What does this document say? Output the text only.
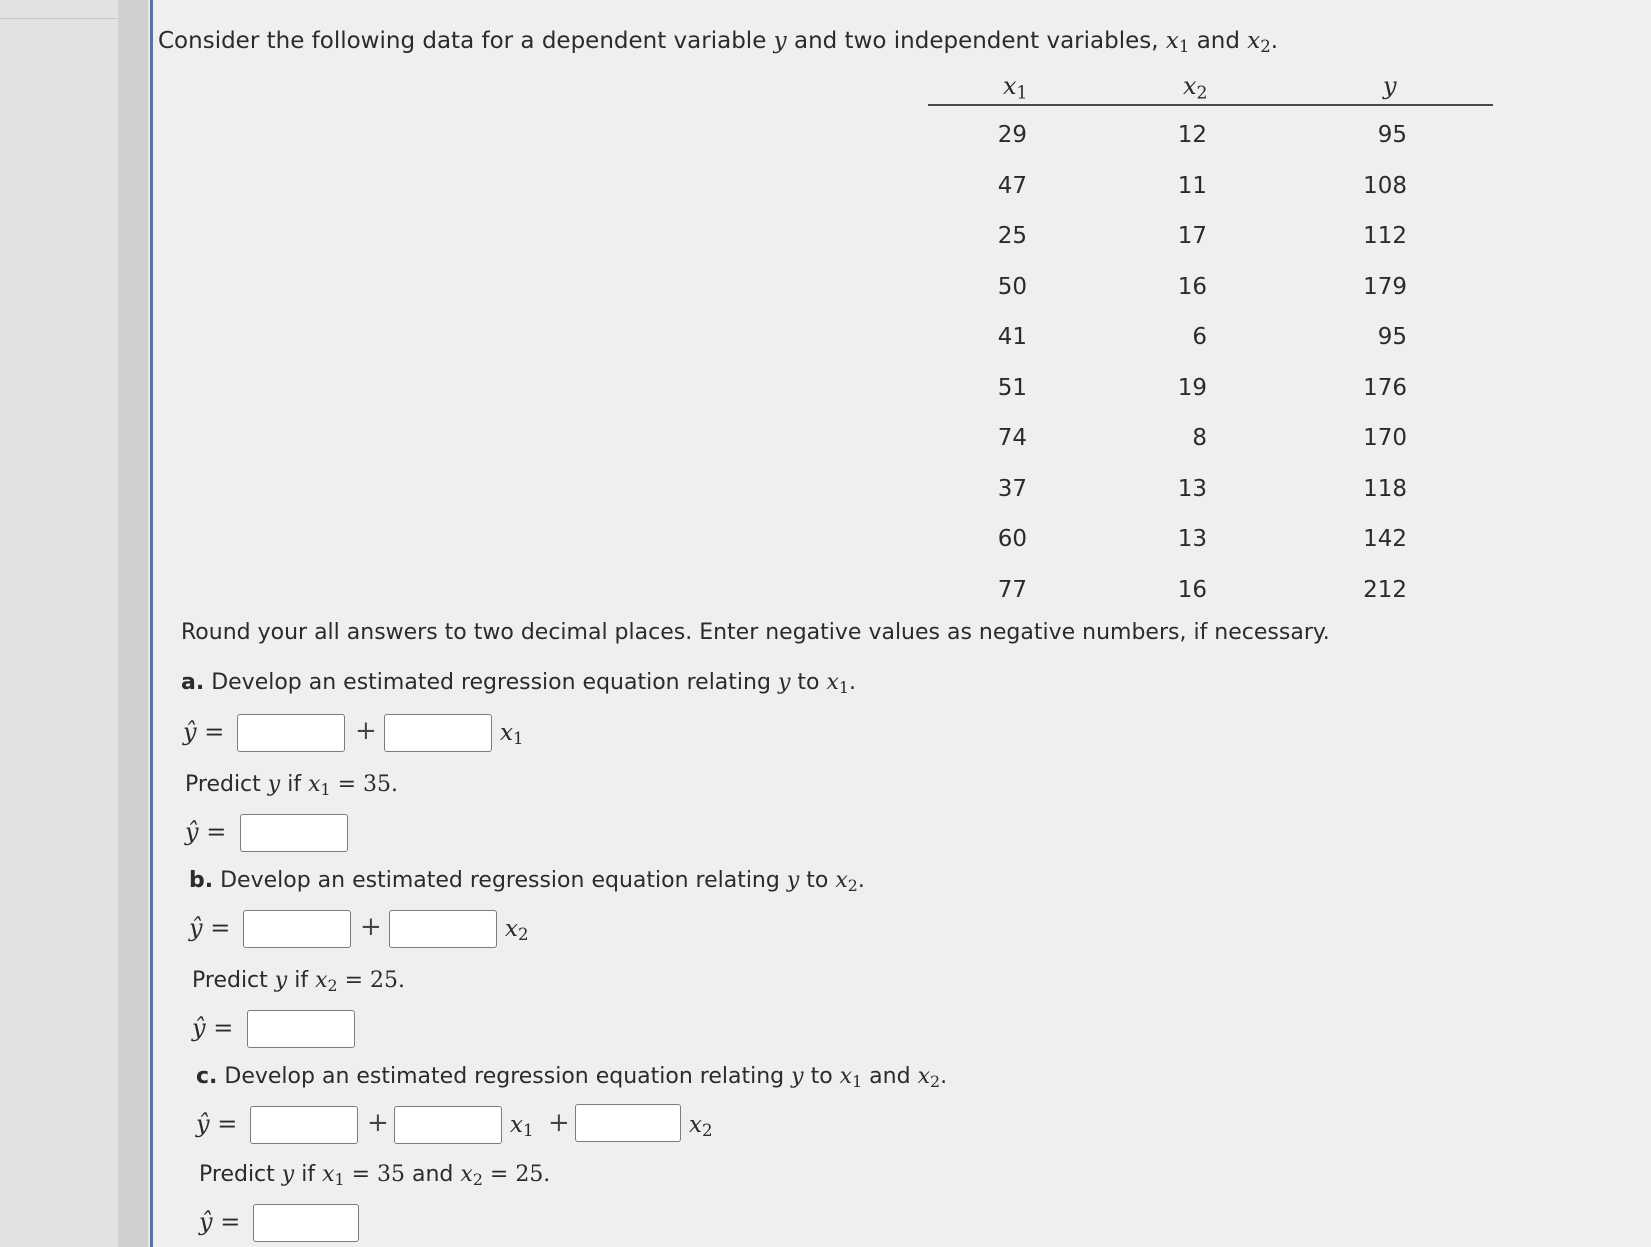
Consider the following data for a dependent variable y and two independent variables, $x_1$ and $x_2$.
$x_1$	$x_2$	y
29	12	95
47	11	108
25	17	112
50	16	179
41	6	95
51	19	176
74	8	170
37	13	118
60	13	142
77	16	212
Round your all answers to two decimal places. Enter negative values as negative numbers, if necessary.
a. Develop an estimated regression equation relating y to $x_1$.
ŷ =	+	$x_1$
Predict y if $x_1 = 35$.
ŷ =
b. Develop an estimated regression equation relating y to $x_2$.
ŷ =	+	$x_2$
Predict y if $x_2 = 25$.
ŷ =
c. Develop an estimated regression equation relating y to $x_1$ and $x_2$.
ŷ =	+	$x_1$ +	$x_2$
Predict y if $x_1 = 35$ and $x_2 = 25$.
ŷ =
